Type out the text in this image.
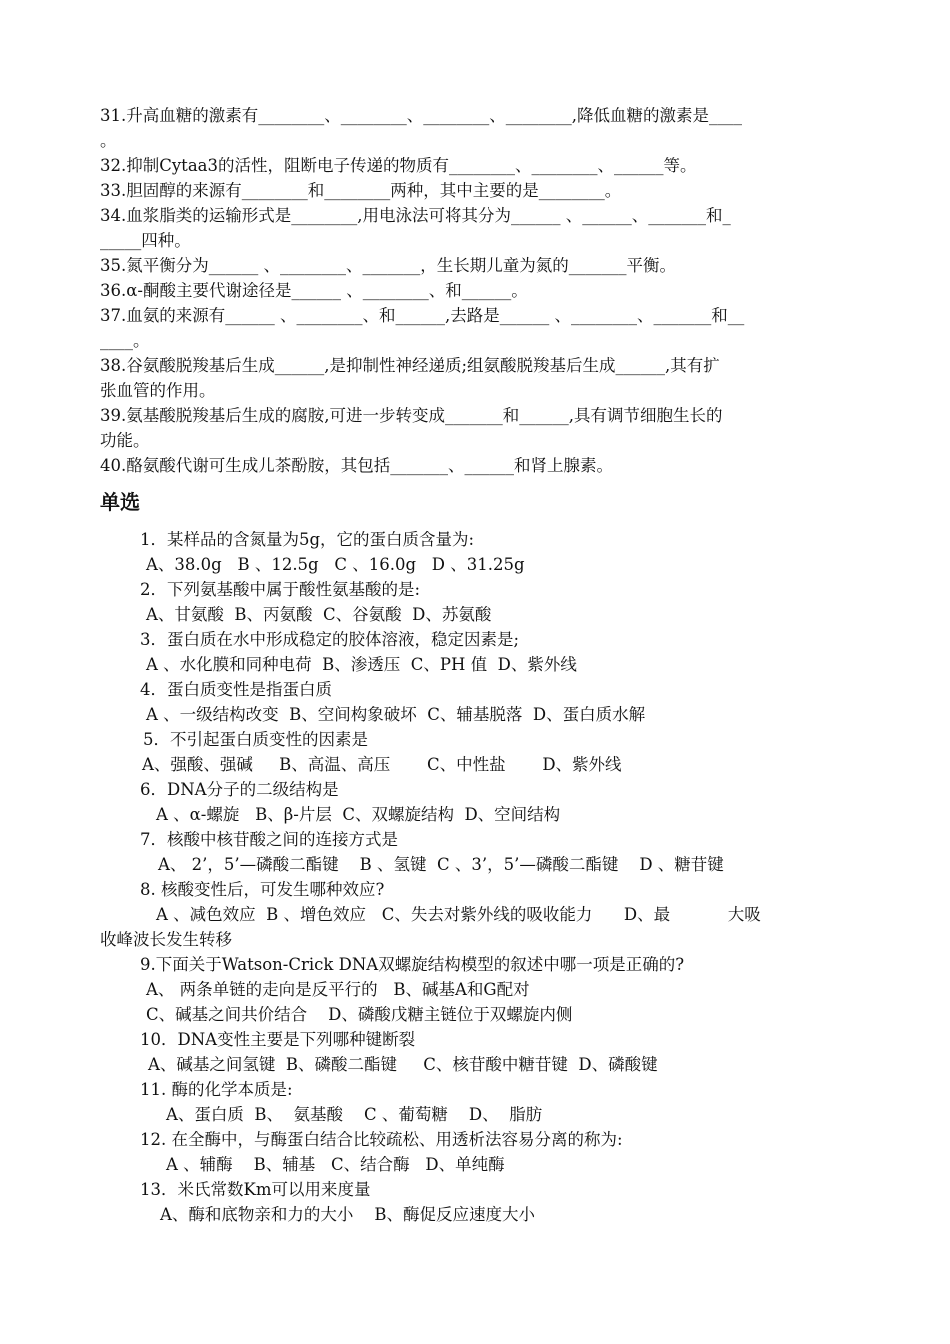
31.升高血糖的激素有________、________、________、________,降低血糖的激素是____
。
32.抑制Cytaa3的活性，阻断电子传递的物质有________、________、______等。
33.胆固醇的来源有________和________两种，其中主要的是________。
34.血浆脂类的运输形式是________,用电泳法可将其分为______ 、______、_______和_
_____四种。
35.氮平衡分为______ 、________、_______，生长期儿童为氮的_______平衡。
36.α-酮酸主要代谢途径是______ 、________、和______。
37.血氨的来源有______ 、________、和______,去路是______ 、________、_______和__
____。
38.谷氨酸脱羧基后生成______,是抑制性神经递质;组氨酸脱羧基后生成______,其有扩
张血管的作用。
39.氨基酸脱羧基后生成的腐胺,可进一步转变成_______和______,具有调节细胞生长的
功能。
40.酪氨酸代谢可生成儿茶酚胺，其包括_______、______和肾上腺素。
单选
1．某样品的含氮量为5g，它的蛋白质含量为:
A、38.0g   B 、12.5g   C 、16.0g   D 、31.25g
2．下列氨基酸中属于酸性氨基酸的是:
A、甘氨酸  B、丙氨酸  C、谷氨酸  D、苏氨酸
3．蛋白质在水中形成稳定的胶体溶液，稳定因素是;
A 、水化膜和同种电荷  B、渗透压  C、PH 值  D、紫外线
4．蛋白质变性是指蛋白质
A 、一级结构改变  B、空间构象破坏  C、辅基脱落  D、蛋白质水解
5．不引起蛋白质变性的因素是
A、强酸、强碱     B、高温、高压       C、中性盐       D、紫外线
6．DNA分子的二级结构是
A 、α-螺旋   B、β-片层  C、双螺旋结构  D、空间结构
7．核酸中核苷酸之间的连接方式是
A、 2’，5’—磷酸二酯键    B 、氢键  C 、3’，5’—磷酸二酯键    D 、糖苷键
8. 核酸变性后，可发生哪种效应?
A 、减色效应  B 、增色效应   C、失去对紫外线的吸收能力      D、最           大吸
收峰波长发生转移
9.下面关于Watson-Crick DNA双螺旋结构模型的叙述中哪一项是正确的?
A、 两条单链的走向是反平行的   B、碱基A和G配对
C、碱基之间共价结合    D、磷酸戊糖主链位于双螺旋内侧
10．DNA变性主要是下列哪种键断裂
A、碱基之间氢键  B、磷酸二酯键     C、核苷酸中糖苷键  D、磷酸键
11. 酶的化学本质是:
A、蛋白质  B、  氨基酸    C 、葡萄糖    D、  脂肪
12. 在全酶中，与酶蛋白结合比较疏松、用透析法容易分离的称为:
A 、辅酶    B、辅基   C、结合酶   D、单纯酶
13．米氏常数Km可以用来度量
A、酶和底物亲和力的大小    B、酶促反应速度大小
